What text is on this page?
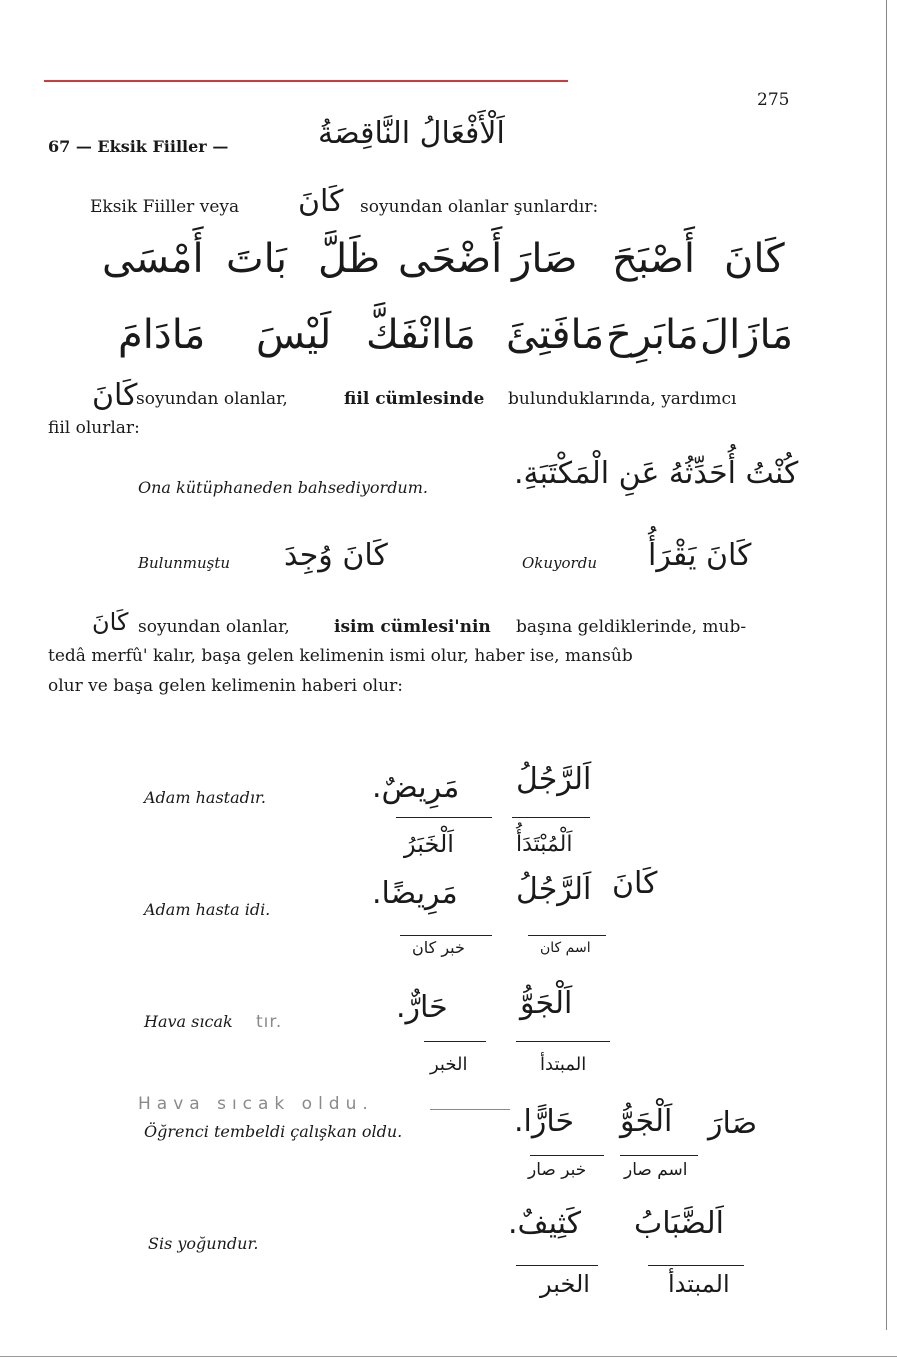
275
67 — Eksik Fiiller —	اَلْأَفْعَالُ النَّاقِصَةُ
Eksik Fiiller veya كَانَ soyundan olanlar şunlardır:
كَانَ
أَصْبَحَ
صَارَ
أَضْحَى
ظَلَّ
بَاتَ
أَمْسَى
مَازَالَ
مَابَرِحَ
مَافَتِئَ
مَاانْفَكَّ
لَيْسَ
مَادَامَ
كَانَ
soyundan olanlar,	fiil cümlesinde bulunduklarında, yardımcı
fiil olurlar:
Ona kütüphaneden bahsediyordum.	كُنْتُ أُحَدِّثُهُ عَنِ الْمَكْتَبَةِ.
Bulunmuştu كَانَ وُجِدَ	Okuyordu كَانَ يَقْرَأُ
كَانَ soyundan olanlar,	isim cümlesi'nin başına geldiklerinde, mub-
tedâ merfû' kalır, başa gelen kelimenin ismi olur, haber ise, mansûb
olur ve başa gelen kelimenin haberi olur:
Adam hastadır.	مَرِيضٌ. اَلرَّجُلُ
اَلْخَبَرُ	اَلْمُبْتَدَأُ
Adam hasta idi.	مَرِيضًا. اَلرَّجُلُ كَانَ
خبر كان	اسم كان
Hava sıcak tır.	حَارٌّ. اَلْجَوُّ
الخبر	المبتدأ
Hava sıcak oldu.
Öğrenci tembeldi çalışkan oldu.	حَارًّا. اَلْجَوُّ صَارَ
خبر صار اسم صار
Sis yoğundur.
كَثِيفٌ. اَلضَّبَابُ
الخبر	المبتدأ
